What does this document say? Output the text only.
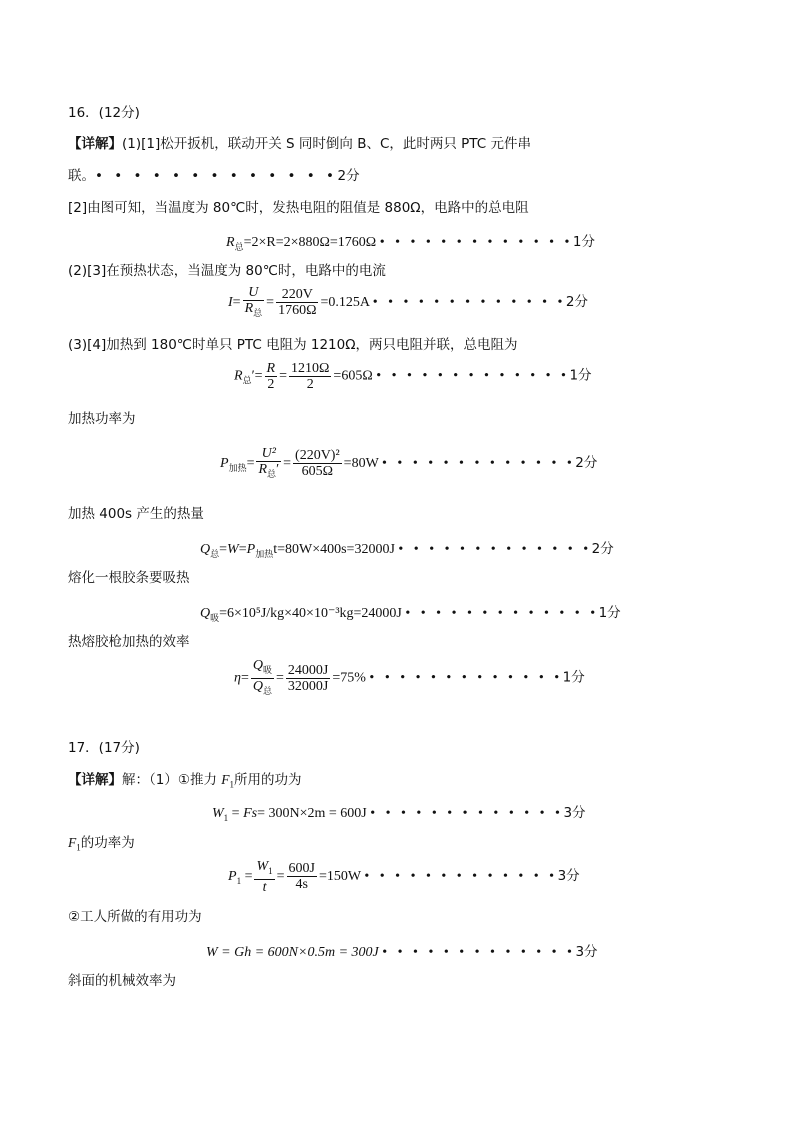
16．(12分)
【详解】(1)[1]松开扳机，联动开关 S 同时倒向 B、C，此时两只 PTC 元件串
联。• • • • • • • • • • • • •2分
[2]由图可知，当温度为 80℃时，发热电阻的阻值是 880Ω，电路中的总电阻
$R_总=2\times R=2\times 880\Omega=1760\Omega$ • • • • • • • • • • • • •1分
(2)[3]在预热状态，当温度为 80℃时，电路中的电流
$I= \frac{U}{R_总} = \frac{220V}{1760\Omega} =0.125A$ • • • • • • • • • • • • •2分
(3)[4]加热到 180℃时单只 PTC 电阻为 1210Ω，两只电阻并联，总电阻为
$R_总'= \frac{R}{2} = \frac{1210\Omega}{2} =605\Omega$ • • • • • • • • • • • • •1分
加热功率为
$P_{加热}= \frac{\text{U²}}{R_总'} = \frac{\text{(220V)²}}{605\Omega} =80W$ • • • • • • • • • • • • •2分
加热 400s 产生的热量
$Q_总=W=P_{加热}t=80W\times 400s=32000J$ • • • • • • • • • • • • •2分
熔化一根胶条要吸热
$Q_吸=6\times 10^5J/kg\times 40\times 10^{-3}kg=24000J$ • • • • • • • • • • • • •1分
热熔胶枪加热的效率
$\eta= \frac{Q_吸}{Q_总} = \frac{24000J}{32000J} =75\%$ • • • • • • • • • • • • •1分
17．(17分)
【详解】解：（1）①推力 $F_1$所用的功为
$W_1 = Fs= 300N\times 2m = 600J$ • • • • • • • • • • • • •3分
$F_1$的功率为
$P_1 = \frac{W_1}{t} = \frac{600J}{4s} =150W$ • • • • • • • • • • • • •3分
②工人所做的有用功为
W = Gh = 600N×0.5m = 300J • • • • • • • • • • • • •3分
斜面的机械效率为
